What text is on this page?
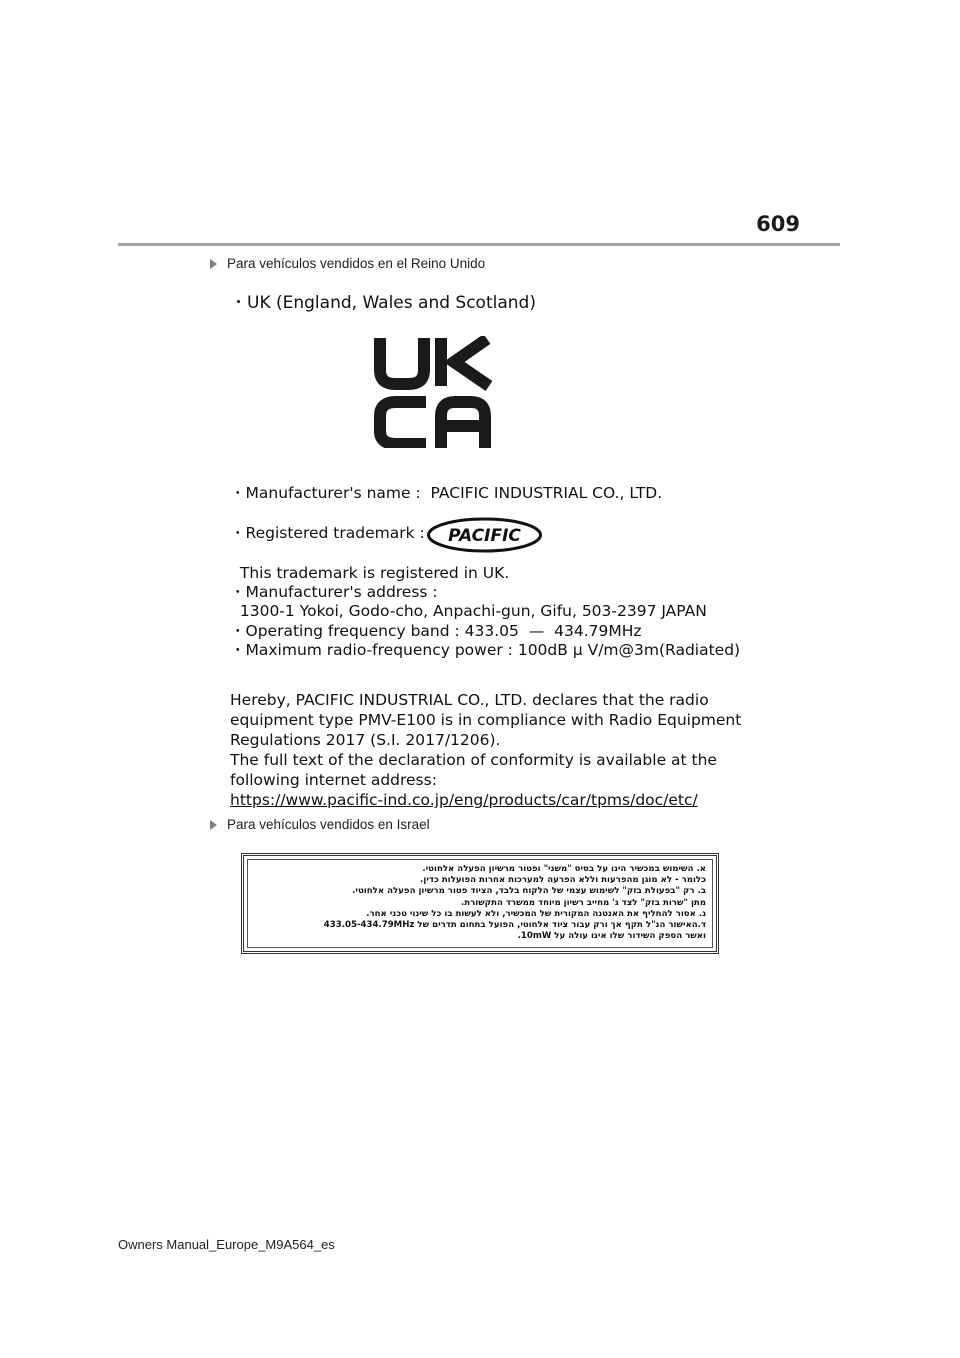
609
Para vehículos vendidos en el Reino Unido
・UK (England, Wales and Scotland)
・Manufacturer's name :  PACIFIC INDUSTRIAL CO., LTD.
・Registered trademark : PACIFIC
This trademark is registered in UK.
・Manufacturer's address :
1300-1 Yokoi, Godo-cho, Anpachi-gun, Gifu, 503-2397 JAPAN
・Operating frequency band : 433.05  —  434.79MHz
・Maximum radio-frequency power : 100dB μ V/m@3m(Radiated)
Hereby, PACIFIC INDUSTRIAL CO., LTD. declares that the radio
equipment type PMV-E100 is in compliance with Radio Equipment
Regulations 2017 (S.I. 2017/1206).
The full text of the declaration of conformity is available at the
following internet address:
https://www.pacific-ind.co.jp/eng/products/car/tpms/doc/etc/
Para vehículos vendidos en Israel
א. השימוש במכשיר הינו על בסיס "משני" ופטור מרשיון הפעלה אלחוטי.
כלומר - לא מוגן מהפרעות וללא הפרעה למערכות אחרות הפועלות כדין.
ב. רק "בפעולת בזק" לשימוש עצמי של הלקוח בלבד, הציוד פטור מרשיון הפעלה אלחוטי.
מתן "שרות בזק" לצד ג' מחייב רשיון מיוחד ממשרד התקשורת.
ג. אסור להחליף את האנטנה המקורית של המכשיר, ולא לעשות בו כל שינוי טכני אחר.
ד.האישור הנ"ל תקף אך ורק עבור ציוד אלחוטי, הפועל בתחום תדרים של 433.05-434.79MHz
ואשר הספק השידור שלו אינו עולה על 10mW.
Owners Manual_Europe_M9A564_es
